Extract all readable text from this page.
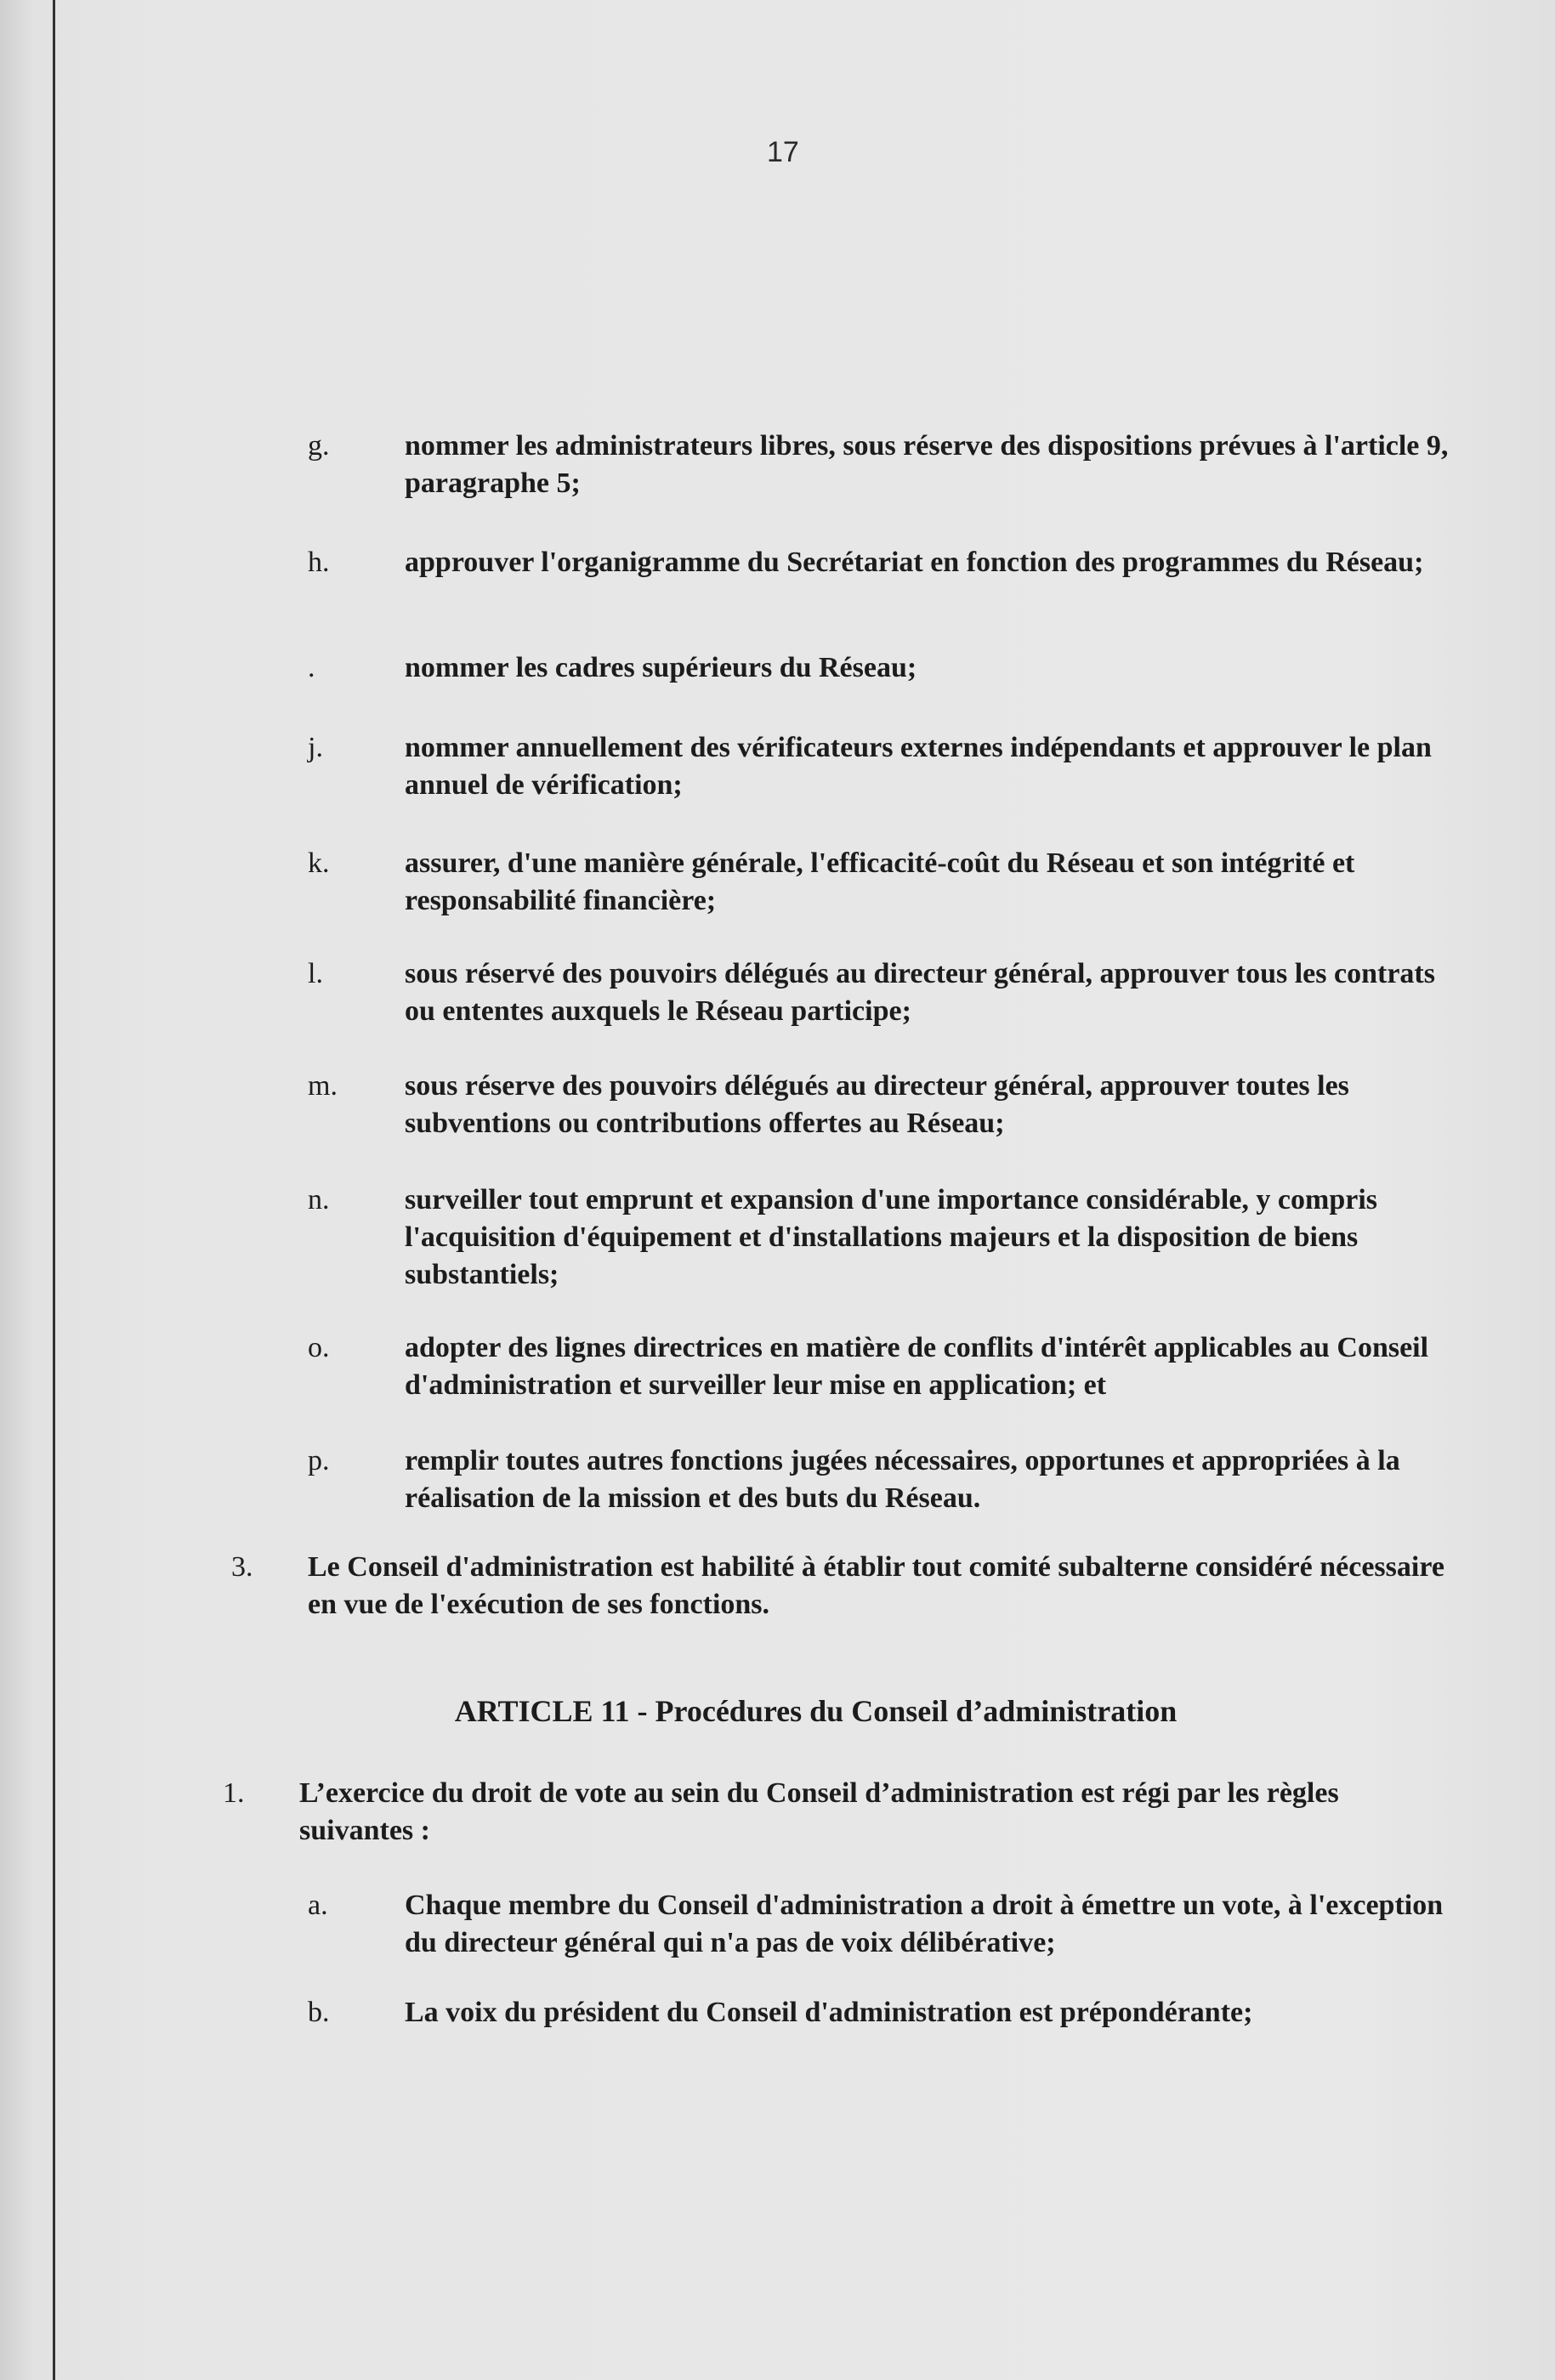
17
g.	nommer les administrateurs libres, sous réserve des dispositions prévues à l'article 9, paragraphe 5;
h.	approuver l'organigramme du Secrétariat en fonction des programmes du Réseau;
.	nommer les cadres supérieurs du Réseau;
j.	nommer annuellement des vérificateurs externes indépendants et approuver le plan annuel de vérification;
k.	assurer, d'une manière générale, l'efficacité-coût du Réseau et son intégrité et responsabilité financière;
l.	sous réservé des pouvoirs délégués au directeur général, approuver tous les contrats ou ententes auxquels le Réseau participe;
m. sous réserve des pouvoirs délégués au directeur général, approuver toutes les subventions ou contributions offertes au Réseau;
n.	surveiller tout emprunt et expansion d'une importance considérable, y compris l'acquisition d'équipement et d'installations majeurs et la disposition de biens substantiels;
o.	adopter des lignes directrices en matière de conflits d'intérêt applicables au Conseil d'administration et surveiller leur mise en application; et
p.	remplir toutes autres fonctions jugées nécessaires, opportunes et appropriées à la réalisation de la mission et des buts du Réseau.
3. Le Conseil d'administration est habilité à établir tout comité subalterne considéré nécessaire en vue de l'exécution de ses fonctions.
ARTICLE 11 - Procédures du Conseil d’administration
1. L’exercice du droit de vote au sein du Conseil d’administration est régi par les règles suivantes :
a.	Chaque membre du Conseil d'administration a droit à émettre un vote, à l'exception du directeur général qui n'a pas de voix délibérative;
b.	La voix du président du Conseil d'administration est prépondérante;
